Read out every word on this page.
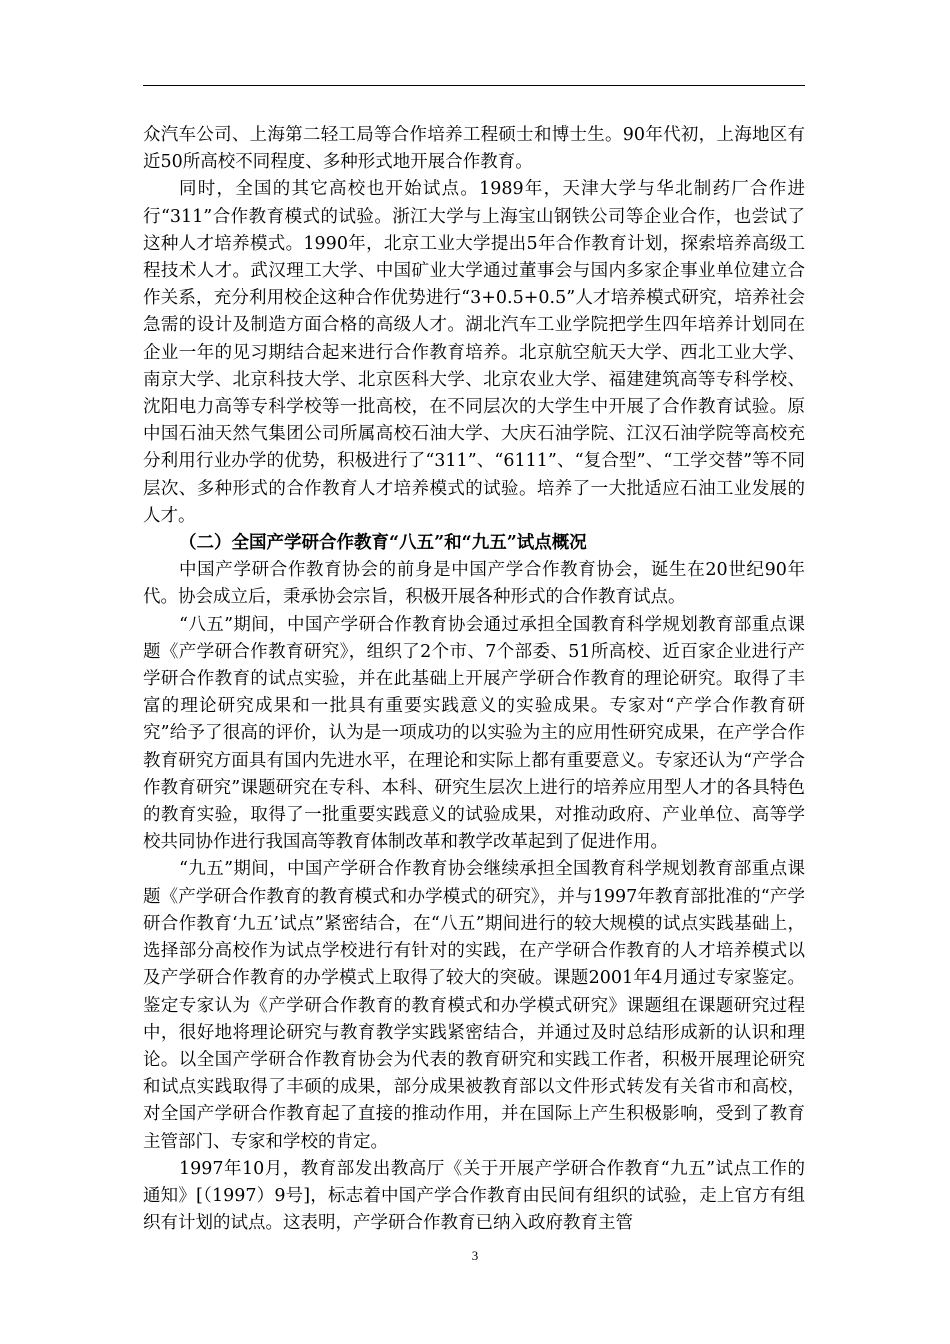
众汽车公司、上海第二轻工局等合作培养工程硕士和博士生。90年代初，上海地区有近50所高校不同程度、多种形式地开展合作教育。

同时，全国的其它高校也开始试点。1989年，天津大学与华北制药厂合作进行“311”合作教育模式的试验。浙江大学与上海宝山钢铁公司等企业合作，也尝试了这种人才培养模式。1990年，北京工业大学提出5年合作教育计划，探索培养高级工程技术人才。武汉理工大学、中国矿业大学通过董事会与国内多家企事业单位建立合作关系，充分利用校企这种合作优势进行“3+0.5+0.5”人才培养模式研究，培养社会急需的设计及制造方面合格的高级人才。湖北汽车工业学院把学生四年培养计划同在企业一年的见习期结合起来进行合作教育培养。北京航空航天大学、西北工业大学、南京大学、北京科技大学、北京医科大学、北京农业大学、福建建筑高等专科学校、沈阳电力高等专科学校等一批高校，在不同层次的大学生中开展了合作教育试验。原中国石油天然气集团公司所属高校石油大学、大庆石油学院、江汉石油学院等高校充分利用行业办学的优势，积极进行了“311”、“6111”、“复合型”、“工学交替”等不同层次、多种形式的合作教育人才培养模式的试验。培养了一大批适应石油工业发展的人才。

（二）全国产学研合作教育“八五”和“九五”试点概况

中国产学研合作教育协会的前身是中国产学合作教育协会，诞生在20世纪90年代。协会成立后，秉承协会宗旨，积极开展各种形式的合作教育试点。

“八五”期间，中国产学研合作教育协会通过承担全国教育科学规划教育部重点课题《产学研合作教育研究》，组织了2个市、7个部委、51所高校、近百家企业进行产学研合作教育的试点实验，并在此基础上开展产学研合作教育的理论研究。取得了丰富的理论研究成果和一批具有重要实践意义的实验成果。专家对“产学合作教育研究”给予了很高的评价，认为是一项成功的以实验为主的应用性研究成果，在产学合作教育研究方面具有国内先进水平，在理论和实际上都有重要意义。专家还认为“产学合作教育研究”课题研究在专科、本科、研究生层次上进行的培养应用型人才的各具特色的教育实验，取得了一批重要实践意义的试验成果，对推动政府、产业单位、高等学校共同协作进行我国高等教育体制改革和教学改革起到了促进作用。

“九五”期间，中国产学研合作教育协会继续承担全国教育科学规划教育部重点课题《产学研合作教育的教育模式和办学模式的研究》，并与1997年教育部批准的“产学研合作教育‘九五’试点”紧密结合，在“八五”期间进行的较大规模的试点实践基础上，选择部分高校作为试点学校进行有针对的实践，在产学研合作教育的人才培养模式以及产学研合作教育的办学模式上取得了较大的突破。课题2001年4月通过专家鉴定。鉴定专家认为《产学研合作教育的教育模式和办学模式研究》课题组在课题研究过程中，很好地将理论研究与教育教学实践紧密结合，并通过及时总结形成新的认识和理论。以全国产学研合作教育协会为代表的教育研究和实践工作者，积极开展理论研究和试点实践取得了丰硕的成果，部分成果被教育部以文件形式转发有关省市和高校，对全国产学研合作教育起了直接的推动作用，并在国际上产生积极影响，受到了教育主管部门、专家和学校的肯定。

1997年10月，教育部发出教高厅《关于开展产学研合作教育“九五”试点工作的通知》[（1997）9号]，标志着中国产学合作教育由民间有组织的试验，走上官方有组织有计划的试点。这表明，产学研合作教育已纳入政府教育主管

3
